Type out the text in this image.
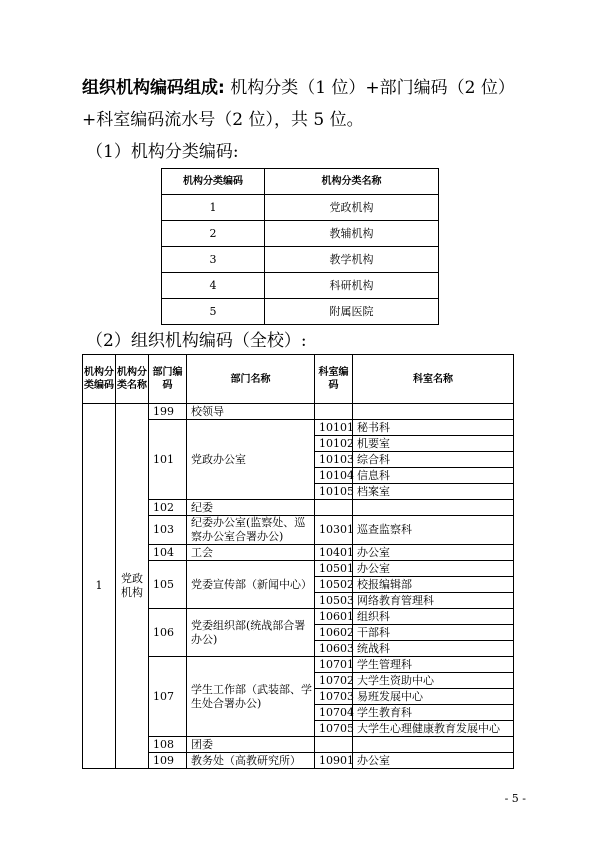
组织机构编码组成: 机构分类（1 位）+部门编码（2 位）+科室编码流水号（2 位），共 5 位。

（1）机构分类编码:

机构分类编码	机构分类名称
1	党政机构
2	教辅机构
3	教学机构
4	科研机构
5	附属医院

（2）组织机构编码（全校）:

机构分类编码	机构分类名称	部门编码	部门名称	科室编码	科室名称
1	党政机构	199	校领导		
		101	党政办公室	10101	秘书科
				10102	机要室
				10103	综合科
				10104	信息科
				10105	档案室
		102	纪委		
		103	纪委办公室(监察处、巡察办公室合署办公)	10301	巡查监察科
		104	工会	10401	办公室
		105	党委宣传部（新闻中心）	10501	办公室
				10502	校报编辑部
				10503	网络教育管理科
		106	党委组织部(统战部合署办公)	10601	组织科
				10602	干部科
				10603	统战科
		107	学生工作部（武装部、学生处合署办公)	10701	学生管理科
				10702	大学生资助中心
				10703	易班发展中心
				10704	学生教育科
				10705	大学生心理健康教育发展中心
		108	团委		
		109	教务处（高教研究所）	10901	办公室
- 5 -
